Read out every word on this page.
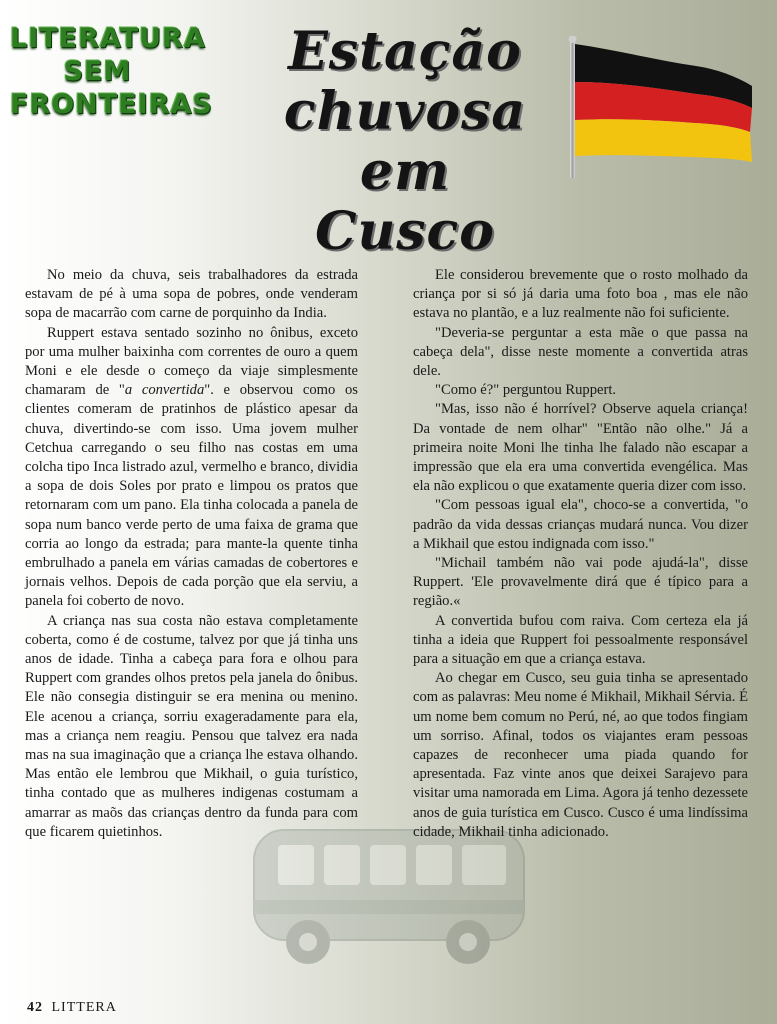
LITERATURA
SEM
FRONTEIRAS
Estação
chuvosa em
Cusco

No meio da chuva, seis trabalhadores da estrada estavam de pé à uma sopa de pobres, onde venderam sopa de macarrão com carne de porquinho da India.

Ruppert estava sentado sozinho no ônibus, exceto por uma mulher baixinha com correntes de ouro a quem Moni e ele desde o começo da viaje simplesmente chamaram de "a convertida". e observou como os clientes comeram de pratinhos de plástico apesar da chuva, divertindo-se com isso. Uma jovem mulher Cetchua carregando o seu filho nas costas em uma colcha tipo Inca listrado azul, vermelho e branco, dividia a sopa de dois Soles por prato e limpou os pratos que retornaram com um pano. Ela tinha colocada a panela de sopa num banco verde perto de uma faixa de grama que corria ao longo da estrada; para mante-la quente tinha embrulhado a panela em várias camadas de cobertores e jornais velhos. Depois de cada porção que ela serviu, a panela foi coberto de novo.

A criança nas sua costa não estava completamente coberta, como é de costume, talvez por que já tinha uns anos de idade. Tinha a cabeça para fora e olhou para Ruppert com grandes olhos pretos pela janela do ônibus. Ele não consegia distinguir se era menina ou menino. Ele acenou a criança, sorriu exageradamente para ela, mas a criança nem reagiu. Pensou que talvez era nada mas na sua imaginação que a criança lhe estava olhando. Mas então ele lembrou que Mikhail, o guia turístico, tinha contado que as mulheres indigenas costumam a amarrar as maõs das crianças dentro da funda para com que ficarem quietinhos.

Ele considerou brevemente que o rosto molhado da criança por si só já daria uma foto boa , mas ele não estava no plantão, e a luz realmente não foi suficiente.

"Deveria-se perguntar a esta mãe o que passa na cabeça dela", disse neste momente a convertida atras dele.

"Como é?" perguntou Ruppert.

"Mas, isso não é horrível? Observe aquela criança! Da vontade de nem olhar" "Então não olhe." Já a primeira noite Moni lhe tinha lhe falado não escapar a impressão que ela era uma convertida evengélica. Mas ela não explicou o que exatamente queria dizer com isso.

"Com pessoas igual ela", choco-se a convertida, "o padrão da vida dessas crianças mudará nunca. Vou dizer a Mikhail que estou indignada com isso."

"Michail também não vai pode ajudá-la", disse Ruppert. 'Ele provavelmente dirá que é típico para a região.«

A convertida bufou com raiva. Com certeza ela já tinha a ideia que Ruppert foi pessoalmente responsável para a situação em que a criança estava.

Ao chegar em Cusco, seu guia tinha se apresentado com as palavras: Meu nome é Mikhail, Mikhail Sérvia. É um nome bem comum no Perú, né, ao que todos fingiam um sorriso. Afinal, todos os viajantes eram pessoas capazes de reconhecer uma piada quando for apresentada. Faz vinte anos que deixei Sarajevo para visitar uma namorada em Lima. Agora já tenho dezessete anos de guia turística em Cusco. Cusco é uma lindíssima cidade, Mikhail tinha adicionado.

42 LITTERA
